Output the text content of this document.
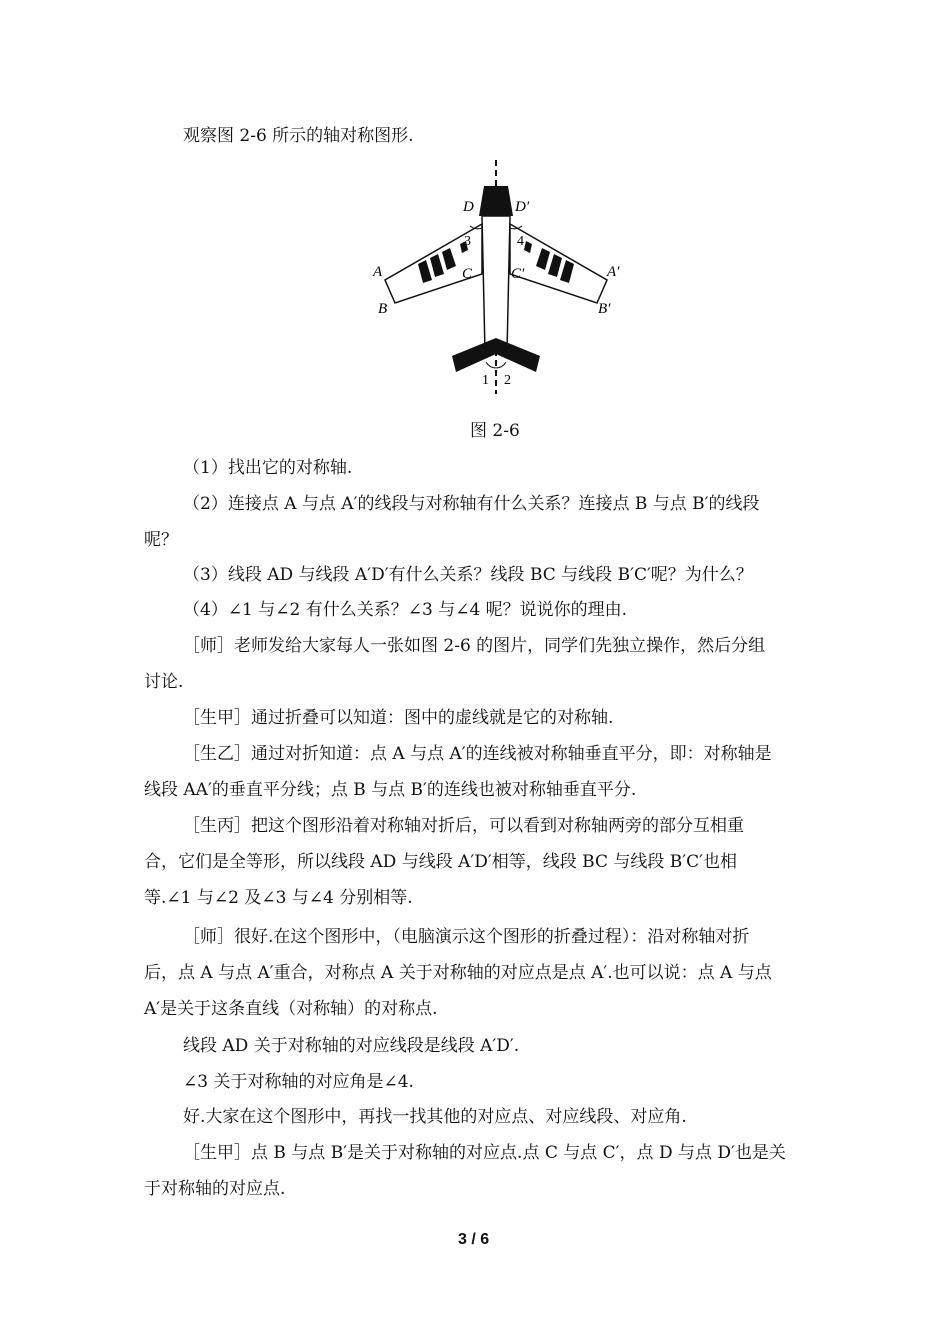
观察图 2-6 所示的轴对称图形.
D	D′
3	4
A	A′
B	B′
C	C′
1 2
图 2-6
（1）找出它的对称轴.
（2）连接点 A 与点 A′的线段与对称轴有什么关系？连接点 B 与点 B′的线段
呢？
（3）线段 AD 与线段 A′D′有什么关系？线段 BC 与线段 B′C′呢？为什么？
（4）∠1 与∠2 有什么关系？∠3 与∠4 呢？说说你的理由.
［师］老师发给大家每人一张如图 2-6 的图片，同学们先独立操作，然后分组
讨论.
［生甲］通过折叠可以知道：图中的虚线就是它的对称轴.
［生乙］通过对折知道：点 A 与点 A′的连线被对称轴垂直平分，即：对称轴是
线段 AA′的垂直平分线；点 B 与点 B′的连线也被对称轴垂直平分.
［生丙］把这个图形沿着对称轴对折后，可以看到对称轴两旁的部分互相重
合，它们是全等形，所以线段 AD 与线段 A′D′相等，线段 BC 与线段 B′C′也相
等.∠1 与∠2 及∠3 与∠4 分别相等.
［师］很好.在这个图形中，（电脑演示这个图形的折叠过程）：沿对称轴对折
后，点 A 与点 A′重合，对称点 A 关于对称轴的对应点是点 A′.也可以说：点 A 与点
A′是关于这条直线（对称轴）的对称点.
线段 AD 关于对称轴的对应线段是线段 A′D′.
∠3 关于对称轴的对应角是∠4.
好.大家在这个图形中，再找一找其他的对应点、对应线段、对应角.
［生甲］点 B 与点 B′是关于对称轴的对应点.点 C 与点 C′，点 D 与点 D′也是关
于对称轴的对应点.
3 / 6
